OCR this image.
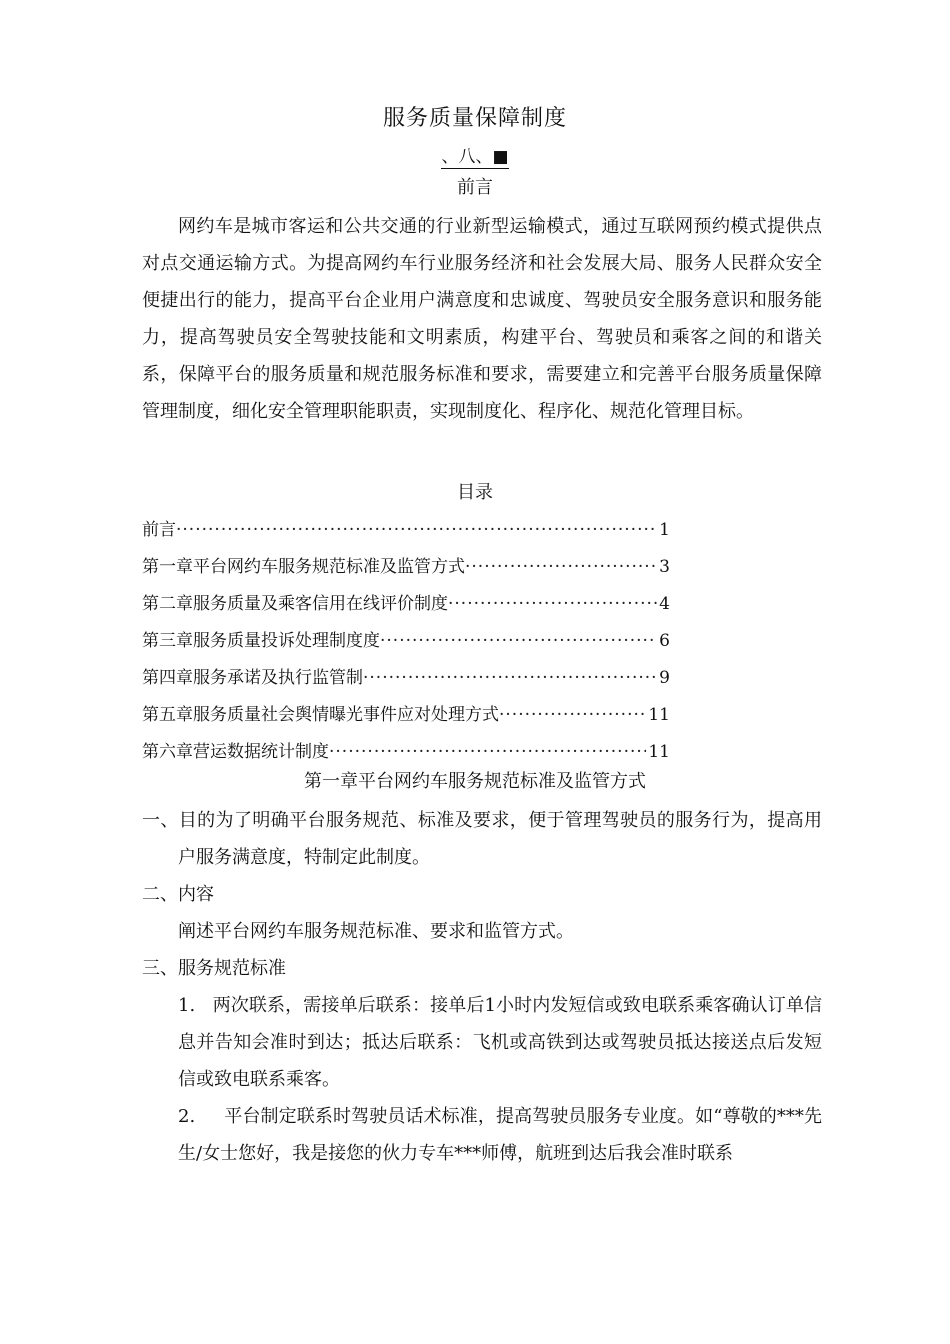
服务质量保障制度
、八、■
前言
网约车是城市客运和公共交通的行业新型运输模式，通过互联网预约模式提供点对点交通运输方式。为提高网约车行业服务经济和社会发展大局、服务人民群众安全便捷出行的能力，提高平台企业用户满意度和忠诚度、驾驶员安全服务意识和服务能力，提高驾驶员安全驾驶技能和文明素质，构建平台、驾驶员和乘客之间的和谐关系，保障平台的服务质量和规范服务标准和要求，需要建立和完善平台服务质量保障管理制度，细化安全管理职能职责，实现制度化、程序化、规范化管理目标。
目录
前言 ·····	1
第一章平台网约车服务规范标准及监管方式 ·····	3
第二章服务质量及乘客信用在线评价制度 ·····	4
第三章服务质量投诉处理制度度 ·····	6
第四章服务承诺及执行监管制 ·····	9
第五章服务质量社会舆情曝光事件应对处理方式 ·····	11
第六章营运数据统计制度 ·····	11
第一章平台网约车服务规范标准及监管方式
一、目的为了明确平台服务规范、标准及要求，便于管理驾驶员的服务行为，提高用户服务满意度，特制定此制度。
二、内容
阐述平台网约车服务规范标准、要求和监管方式。
三、服务规范标准
1. 两次联系，需接单后联系：接单后1小时内发短信或致电联系乘客确认订单信息并告知会准时到达；抵达后联系：飞机或高铁到达或驾驶员抵达接送点后发短信或致电联系乘客。
2. 平台制定联系时驾驶员话术标准，提高驾驶员服务专业度。如“尊敬的***先生/女士您好，我是接您的伙力专车***师傅，航班到达后我会准时联系
